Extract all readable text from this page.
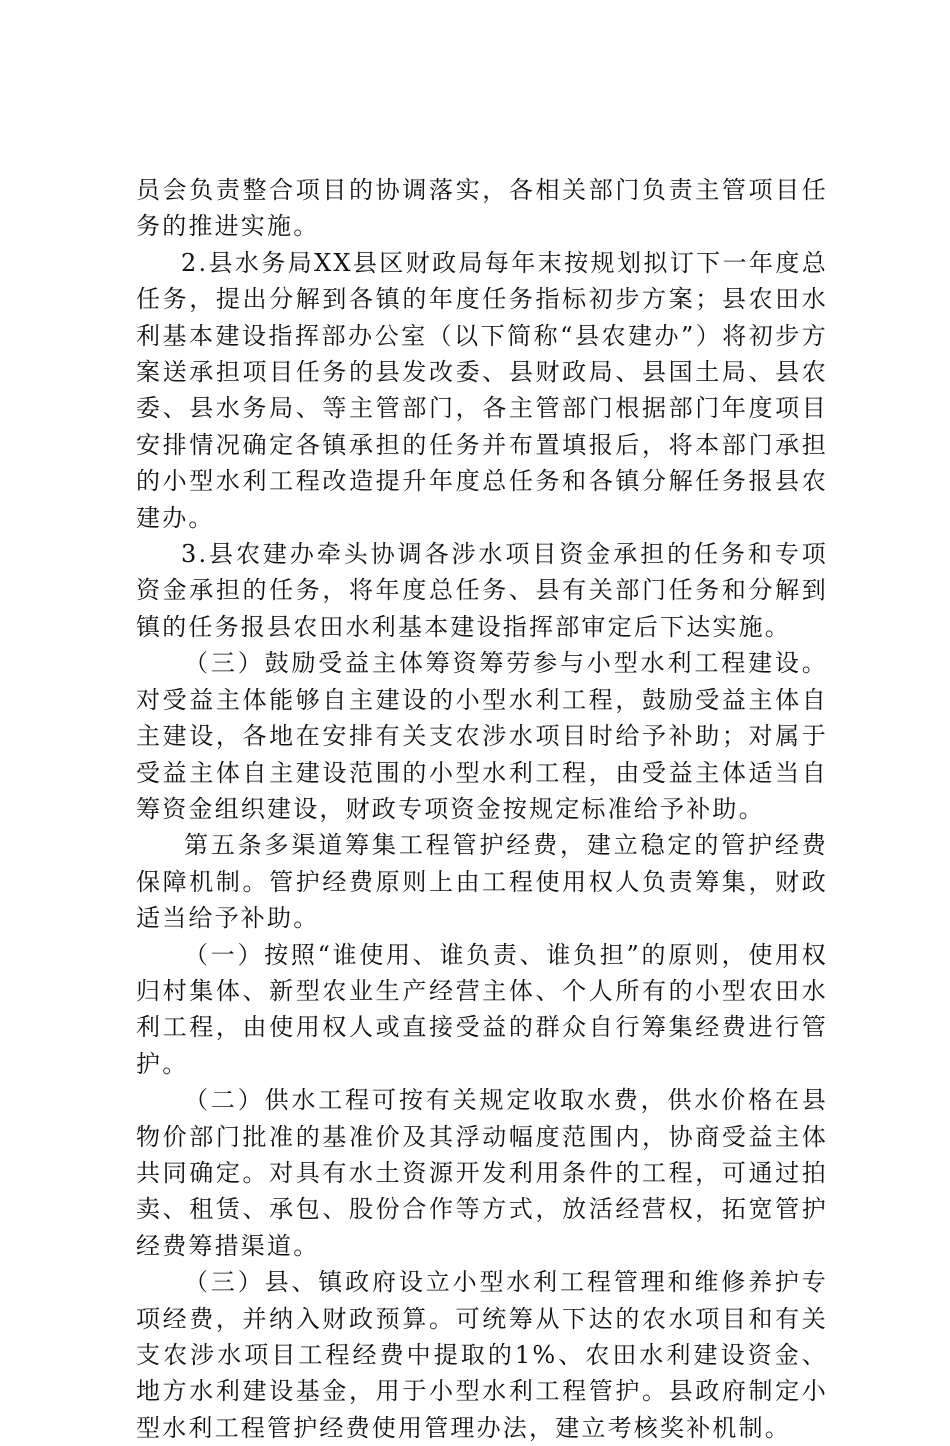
员会负责整合项目的协调落实，各相关部门负责主管项目任务的推进实施。

2.县水务局XX县区财政局每年末按规划拟订下一年度总任务，提出分解到各镇的年度任务指标初步方案；县农田水利基本建设指挥部办公室（以下简称“县农建办”）将初步方案送承担项目任务的县发改委、县财政局、县国土局、县农委、县水务局、等主管部门，各主管部门根据部门年度项目安排情况确定各镇承担的任务并布置填报后，将本部门承担的小型水利工程改造提升年度总任务和各镇分解任务报县农建办。

3.县农建办牵头协调各涉水项目资金承担的任务和专项资金承担的任务，将年度总任务、县有关部门任务和分解到镇的任务报县农田水利基本建设指挥部审定后下达实施。

（三）鼓励受益主体筹资筹劳参与小型水利工程建设。对受益主体能够自主建设的小型水利工程，鼓励受益主体自主建设，各地在安排有关支农涉水项目时给予补助；对属于受益主体自主建设范围的小型水利工程，由受益主体适当自筹资金组织建设，财政专项资金按规定标准给予补助。

第五条多渠道筹集工程管护经费，建立稳定的管护经费保障机制。管护经费原则上由工程使用权人负责筹集，财政适当给予补助。

（一）按照“谁使用、谁负责、谁负担”的原则，使用权归村集体、新型农业生产经营主体、个人所有的小型农田水利工程，由使用权人或直接受益的群众自行筹集经费进行管护。

（二）供水工程可按有关规定收取水费，供水价格在县物价部门批准的基准价及其浮动幅度范围内，协商受益主体共同确定。对具有水土资源开发利用条件的工程，可通过拍卖、租赁、承包、股份合作等方式，放活经营权，拓宽管护经费筹措渠道。

（三）县、镇政府设立小型水利工程管理和维修养护专项经费，并纳入财政预算。可统筹从下达的农水项目和有关支农涉水项目工程经费中提取的1%、农田水利建设资金、地方水利建设基金，用于小型水利工程管护。县政府制定小型水利工程管护经费使用管理办法，建立考核奖补机制。
